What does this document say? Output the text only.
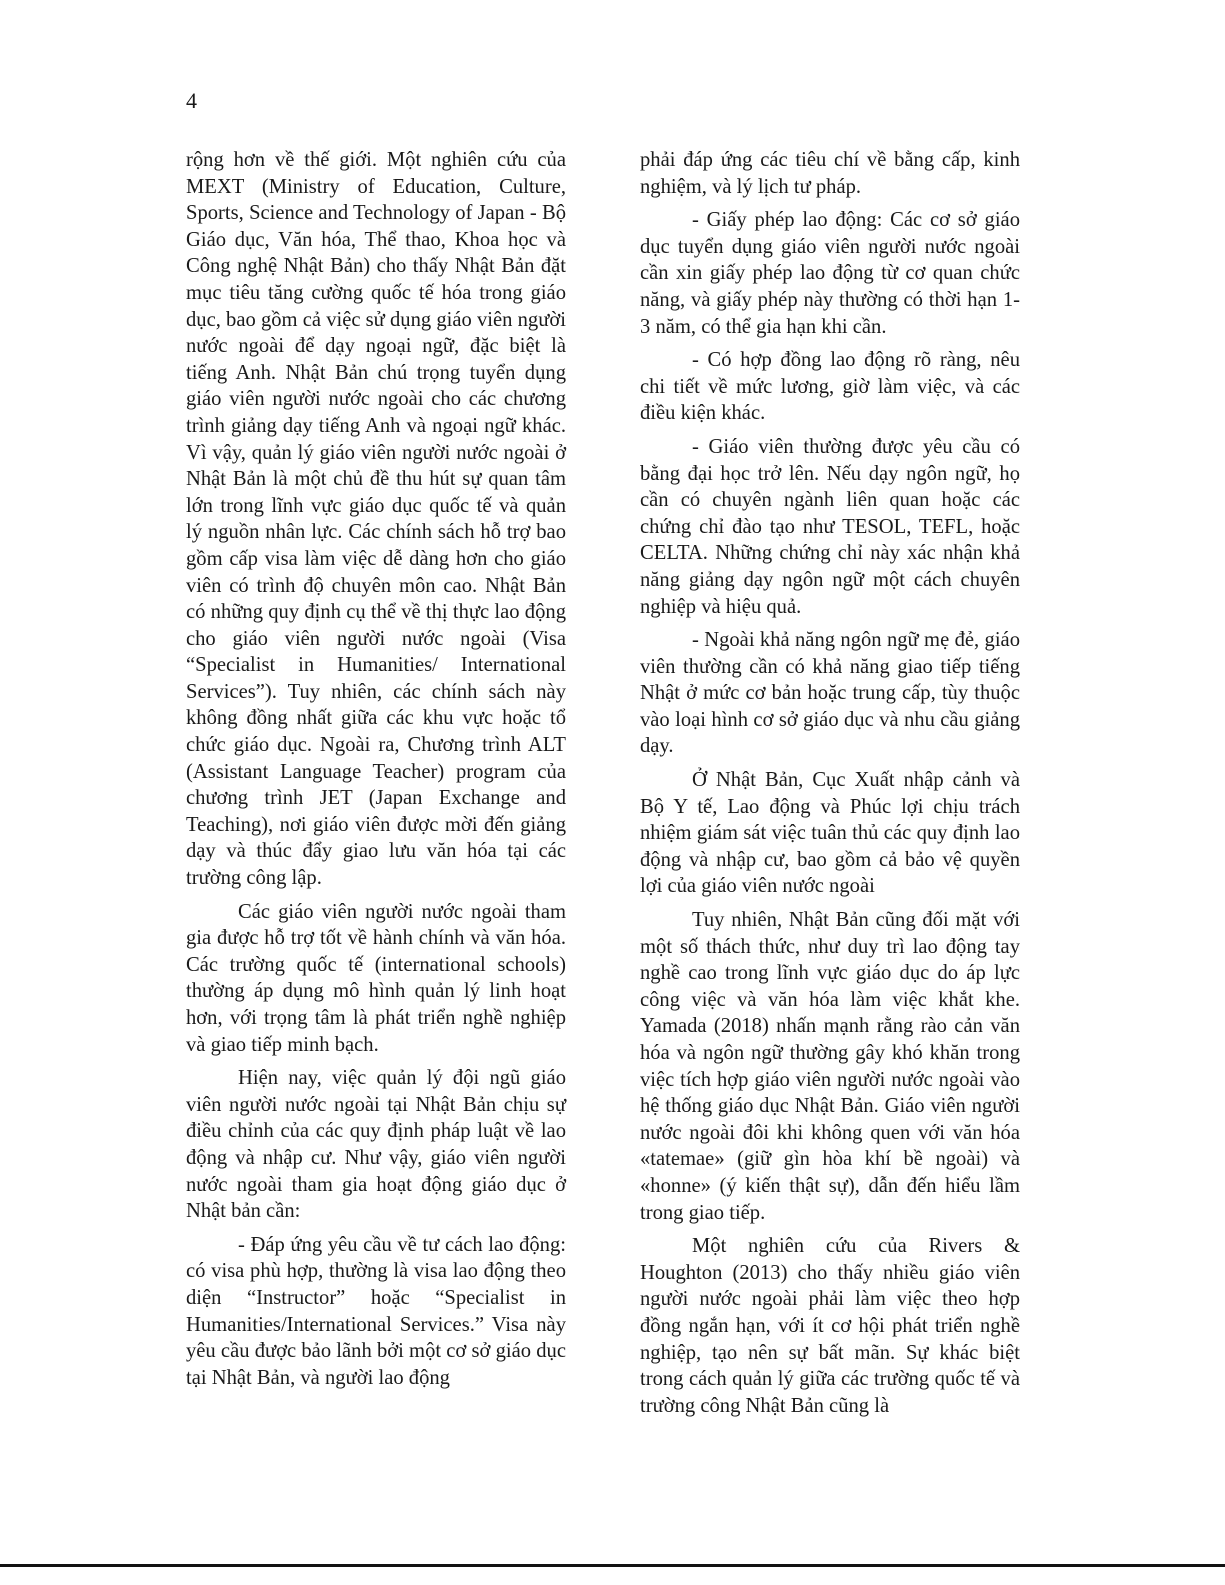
4

rộng hơn về thế giới. Một nghiên cứu của MEXT (Ministry of Education, Culture, Sports, Science and Technology of Japan - Bộ Giáo dục, Văn hóa, Thể thao, Khoa học và Công nghệ Nhật Bản) cho thấy Nhật Bản đặt mục tiêu tăng cường quốc tế hóa trong giáo dục, bao gồm cả việc sử dụng giáo viên người nước ngoài để dạy ngoại ngữ, đặc biệt là tiếng Anh. Nhật Bản chú trọng tuyển dụng giáo viên người nước ngoài cho các chương trình giảng dạy tiếng Anh và ngoại ngữ khác. Vì vậy, quản lý giáo viên người nước ngoài ở Nhật Bản là một chủ đề thu hút sự quan tâm lớn trong lĩnh vực giáo dục quốc tế và quản lý nguồn nhân lực. Các chính sách hỗ trợ bao gồm cấp visa làm việc dễ dàng hơn cho giáo viên có trình độ chuyên môn cao. Nhật Bản có những quy định cụ thể về thị thực lao động cho giáo viên người nước ngoài (Visa “Specialist in Humanities/ International Services”). Tuy nhiên, các chính sách này không đồng nhất giữa các khu vực hoặc tổ chức giáo dục. Ngoài ra, Chương trình ALT (Assistant Language Teacher) program của chương trình JET (Japan Exchange and Teaching), nơi giáo viên được mời đến giảng dạy và thúc đẩy giao lưu văn hóa tại các trường công lập.

Các giáo viên người nước ngoài tham gia được hỗ trợ tốt về hành chính và văn hóa. Các trường quốc tế (international schools) thường áp dụng mô hình quản lý linh hoạt hơn, với trọng tâm là phát triển nghề nghiệp và giao tiếp minh bạch.

Hiện nay, việc quản lý đội ngũ giáo viên người nước ngoài tại Nhật Bản chịu sự điều chỉnh của các quy định pháp luật về lao động và nhập cư. Như vậy, giáo viên người nước ngoài tham gia hoạt động giáo dục ở Nhật bản cần:

- Đáp ứng yêu cầu về tư cách lao động: có visa phù hợp, thường là visa lao động theo diện “Instructor” hoặc “Specialist in Humanities/International Services.” Visa này yêu cầu được bảo lãnh bởi một cơ sở giáo dục tại Nhật Bản, và người lao động

phải đáp ứng các tiêu chí về bằng cấp, kinh nghiệm, và lý lịch tư pháp.

- Giấy phép lao động: Các cơ sở giáo dục tuyển dụng giáo viên người nước ngoài cần xin giấy phép lao động từ cơ quan chức năng, và giấy phép này thường có thời hạn 1-3 năm, có thể gia hạn khi cần.

- Có hợp đồng lao động rõ ràng, nêu chi tiết về mức lương, giờ làm việc, và các điều kiện khác.

- Giáo viên thường được yêu cầu có bằng đại học trở lên. Nếu dạy ngôn ngữ, họ cần có chuyên ngành liên quan hoặc các chứng chỉ đào tạo như TESOL, TEFL, hoặc CELTA. Những chứng chỉ này xác nhận khả năng giảng dạy ngôn ngữ một cách chuyên nghiệp và hiệu quả.

- Ngoài khả năng ngôn ngữ mẹ đẻ, giáo viên thường cần có khả năng giao tiếp tiếng Nhật ở mức cơ bản hoặc trung cấp, tùy thuộc vào loại hình cơ sở giáo dục và nhu cầu giảng dạy.

Ở Nhật Bản, Cục Xuất nhập cảnh và Bộ Y tế, Lao động và Phúc lợi chịu trách nhiệm giám sát việc tuân thủ các quy định lao động và nhập cư, bao gồm cả bảo vệ quyền lợi của giáo viên nước ngoài

Tuy nhiên, Nhật Bản cũng đối mặt với một số thách thức, như duy trì lao động tay nghề cao trong lĩnh vực giáo dục do áp lực công việc và văn hóa làm việc khắt khe. Yamada (2018) nhấn mạnh rằng rào cản văn hóa và ngôn ngữ thường gây khó khăn trong việc tích hợp giáo viên người nước ngoài vào hệ thống giáo dục Nhật Bản. Giáo viên người nước ngoài đôi khi không quen với văn hóa «tatemae» (giữ gìn hòa khí bề ngoài) và «honne» (ý kiến thật sự), dẫn đến hiểu lầm trong giao tiếp.

Một nghiên cứu của Rivers & Houghton (2013) cho thấy nhiều giáo viên người nước ngoài phải làm việc theo hợp đồng ngắn hạn, với ít cơ hội phát triển nghề nghiệp, tạo nên sự bất mãn. Sự khác biệt trong cách quản lý giữa các trường quốc tế và trường công Nhật Bản cũng là
